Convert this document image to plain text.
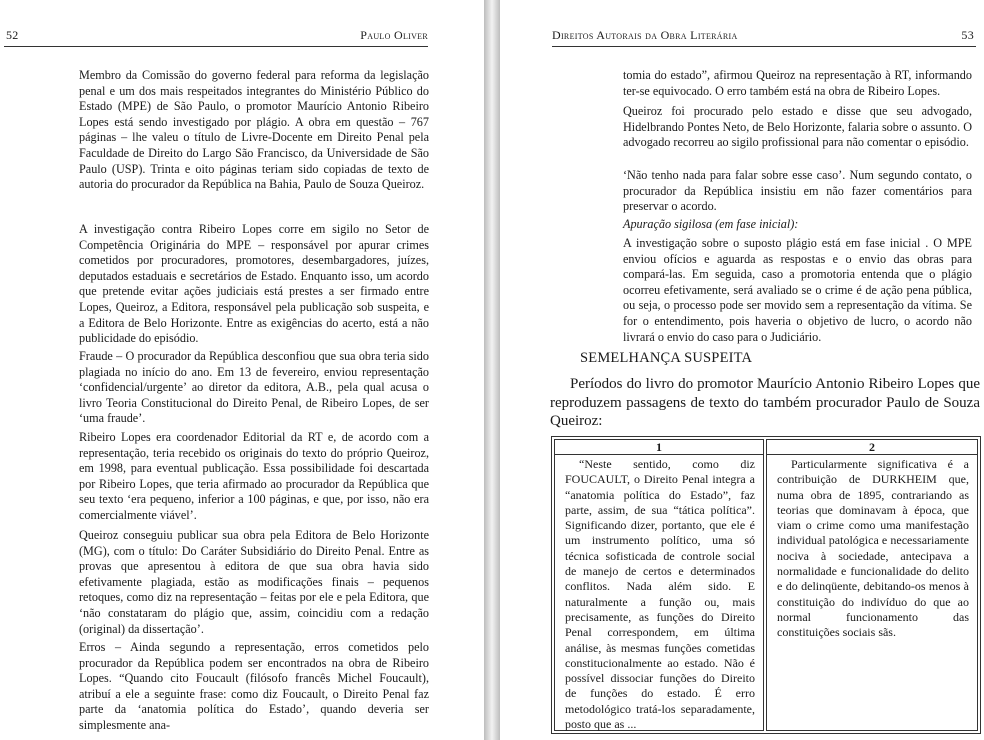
52	Paulo Oliver

Membro da Comissão do governo federal para reforma da legislação penal e um dos mais respeitados integrantes do Ministério Público do Estado (MPE) de São Paulo, o promotor Maurício Antonio Ribeiro Lopes está sendo investigado por plágio. A obra em questão – 767 páginas – lhe valeu o título de Livre-Docente em Direito Penal pela Faculdade de Direito do Largo São Francisco, da Universidade de São Paulo (USP). Trinta e oito páginas teriam sido copiadas de texto de autoria do procurador da República na Bahia, Paulo de Souza Queiroz.

A investigação contra Ribeiro Lopes corre em sigilo no Setor de Competência Originária do MPE – responsável por apurar crimes cometidos por procuradores, promotores, desembargadores, juízes, deputados estaduais e secretários de Estado. Enquanto isso, um acordo que pretende evitar ações judiciais está prestes a ser firmado entre Lopes, Queiroz, a Editora, responsável pela publicação sob suspeita, e a Editora de Belo Horizonte. Entre as exigências do acerto, está a não publicidade do episódio.

Fraude – O procurador da República desconfiou que sua obra teria sido plagiada no início do ano. Em 13 de fevereiro, enviou representação ‘confidencial/urgente’ ao diretor da editora, A.B., pela qual acusa o livro Teoria Constitucional do Direito Penal, de Ribeiro Lopes, de ser ‘uma fraude’.

Ribeiro Lopes era coordenador Editorial da RT e, de acordo com a representação, teria recebido os originais do texto do próprio Queiroz, em 1998, para eventual publicação. Essa possibilidade foi descartada por Ribeiro Lopes, que teria afirmado ao procurador da República que seu texto ‘era pequeno, inferior a 100 páginas, e que, por isso, não era comercialmente viável’.

Queiroz conseguiu publicar sua obra pela Editora de Belo Horizonte (MG), com o título: Do Caráter Subsidiário do Direito Penal. Entre as provas que apresentou à editora de que sua obra havia sido efetivamente plagiada, estão as modificações finais – pequenos retoques, como diz na representação – feitas por ele e pela Editora, que ‘não constataram do plágio que, assim, coincidiu com a redação (original) da dissertação’.

Erros – Ainda segundo a representação, erros cometidos pelo procurador da República podem ser encontrados na obra de Ribeiro Lopes. “Quando cito Foucault (filósofo francês Michel Foucault), atribuí a ele a seguinte frase: como diz Foucault, o Direito Penal faz parte da ‘anatomia política do Estado’, quando deveria ser simplesmente ana-

Direitos Autorais da Obra Literária	53

tomia do estado”, afirmou Queiroz na representação à RT, informando ter-se equivocado. O erro também está na obra de Ribeiro Lopes.

Queiroz foi procurado pelo estado e disse que seu advogado, Hidelbrando Pontes Neto, de Belo Horizonte, falaria sobre o assunto. O advogado recorreu ao sigilo profissional para não comentar o episódio.

‘Não tenho nada para falar sobre esse caso’. Num segundo contato, o procurador da República insistiu em não fazer comentários para preservar o acordo.

Apuração sigilosa (em fase inicial):

A investigação sobre o suposto plágio está em fase inicial . O MPE enviou ofícios e aguarda as respostas e o envio das obras para compará-las. Em seguida, caso a promotoria entenda que o plágio ocorreu efetivamente, será avaliado se o crime é de ação pena pública, ou seja, o processo pode ser movido sem a representação da vítima. Se for o entendimento, pois haveria o objetivo de lucro, o acordo não livrará o envio do caso para o Judiciário.

SEMELHANÇA SUSPEITA

Períodos do livro do promotor Maurício Antonio Ribeiro Lopes que reproduzem passagens de texto do também procurador Paulo de Souza Queiroz:

1
“Neste sentido, como diz FOUCAULT, o Direito Penal integra a “anatomia política do Estado”, faz parte, assim, de sua “tática política”. Significando dizer, portanto, que ele é um instrumento político, uma só técnica sofisticada de controle social de manejo de certos e determinados conflitos. Nada além sido. E naturalmente a função ou, mais precisamente, as funções do Direito Penal correspondem, em última análise, às mesmas funções cometidas constitucionalmente ao estado. Não é possível dissociar funções do Direito de funções do estado. É erro metodológico tratá-los separadamente, posto que as ...
2
Particularmente significativa é a contribuição de DURKHEIM que, numa obra de 1895, contrariando as teorias que dominavam à época, que viam o crime como uma manifestação individual patológica e necessariamente nociva à sociedade, antecipava a normalidade e funcionalidade do delito e do delinqüente, debitando-os menos à constituição do indivíduo do que ao normal funcionamento das constituições sociais sãs.
